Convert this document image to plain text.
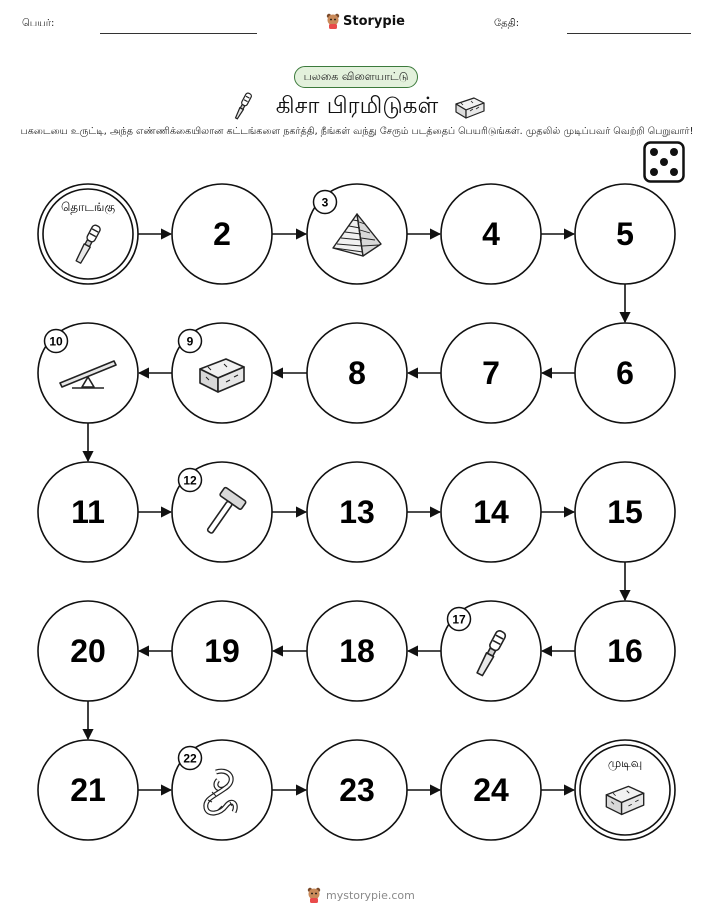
பெயர்:	Storypie	தேதி:
பலகை விளையாட்டு
கிசா பிரமிடுகள்
பகடையை உருட்டி, அந்த எண்ணிக்கையிலான கட்டங்களை நகர்த்தி, நீங்கள் வந்து சேரும் படத்தைப் பெயரிடுங்கள். முதலில் முடிப்பவர் வெற்றி பெறுவார்!
தொடங்கு
2
3
4	5
6
7
8
9
10
11
12
13	14	15
16
17
18
19
20
21
22
23	24
முடிவு
mystorypie.com
